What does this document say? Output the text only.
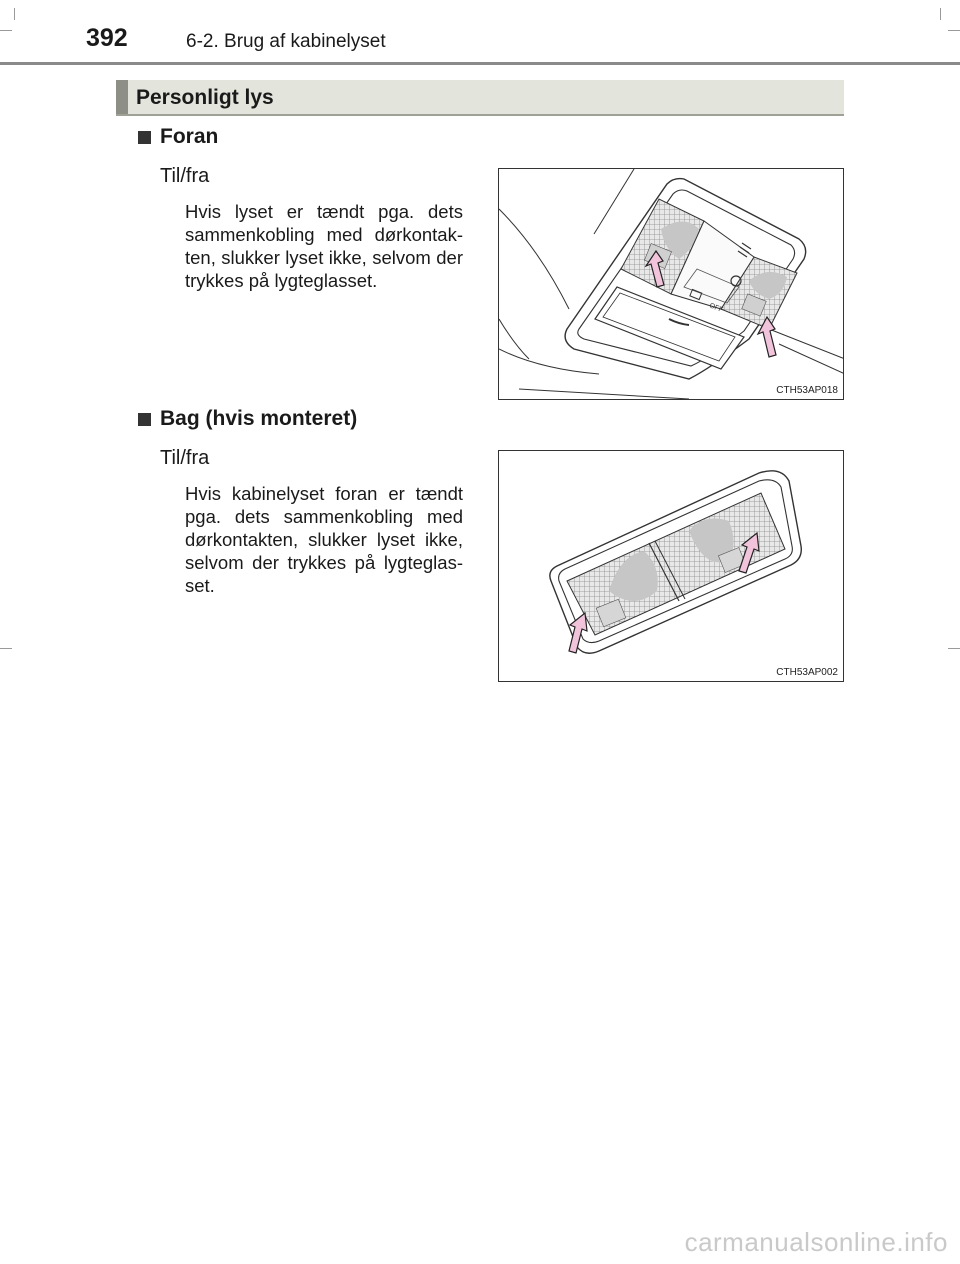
392	6-2. Brug af kabinelyset
Personligt lys
Foran
Til/fra
Hvis lyset er tændt pga. dets sammenkobling med dørkontak-ten, slukker lyset ikke, selvom der trykkes på lygteglasset.
OFF
CTH53AP018
Bag (hvis monteret)
Til/fra
Hvis kabinelyset foran er tændt pga. dets sammenkobling med dørkontakten, slukker lyset ikke, selvom der trykkes på lygteglas-set.
CTH53AP002
carmanualsonline.info
